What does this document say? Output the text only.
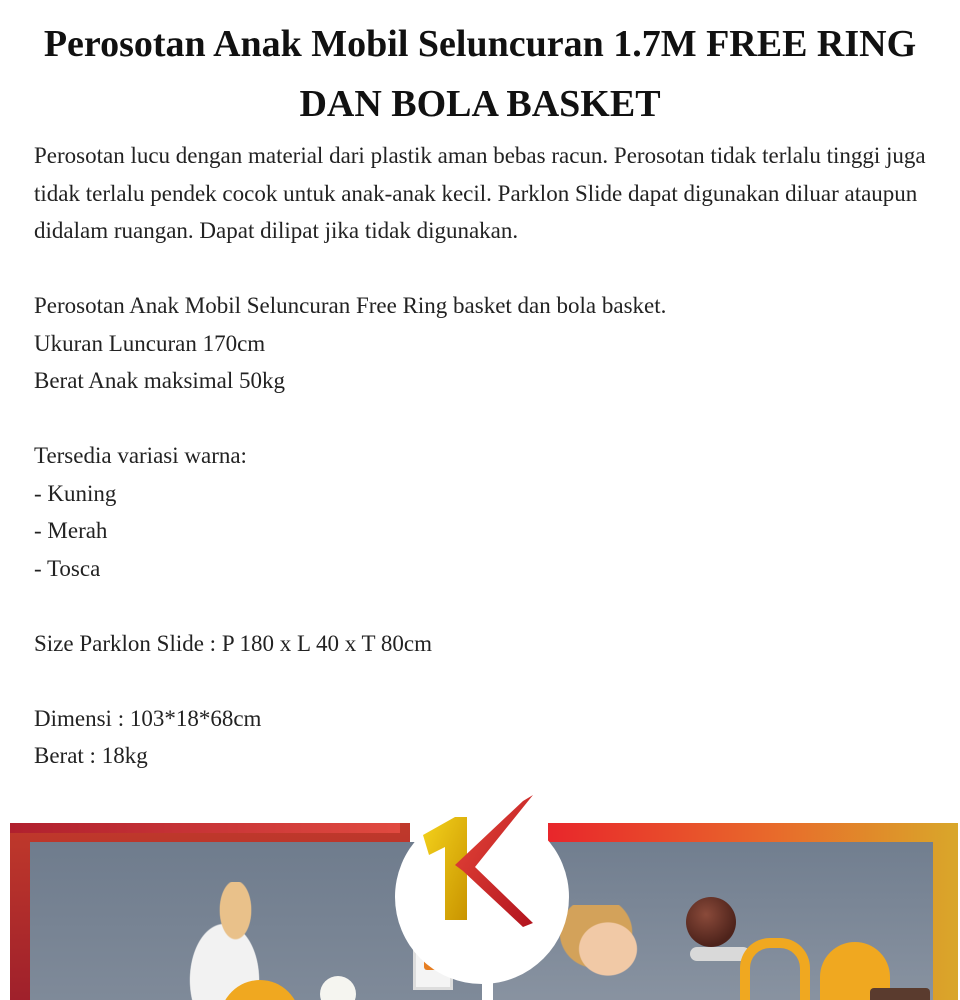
Perosotan Anak Mobil Seluncuran 1.7M FREE RING DAN BOLA BASKET
Perosotan lucu dengan material dari plastik aman bebas racun. Perosotan tidak terlalu tinggi juga tidak terlalu pendek cocok untuk anak-anak kecil. Parklon Slide dapat digunakan diluar ataupun didalam ruangan. Dapat dilipat jika tidak digunakan.
Perosotan Anak Mobil Seluncuran Free Ring basket dan bola basket.
Ukuran Luncuran 170cm
Berat Anak maksimal 50kg
Tersedia variasi warna:
- Kuning
- Merah
- Tosca
Size Parklon Slide : P 180 x L 40 x T 80cm
Dimensi : 103*18*68cm
Berat : 18kg
